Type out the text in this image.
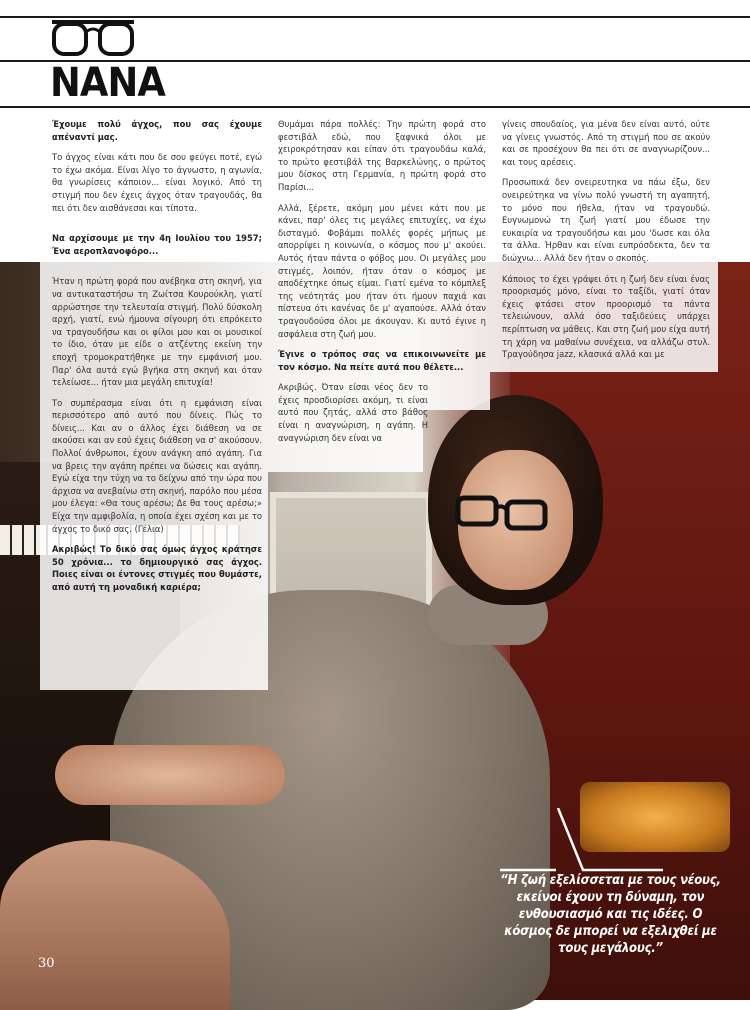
NANA

Έχουμε πολύ άγχος, που σας έχουμε απέναντί μας.

Το άγχος είναι κάτι που δε σου φεύγει ποτέ, εγώ το έχω ακόμα. Είναι λίγο το άγνωστο, η αγωνία, θα γνωρίσεις κάποιον... είναι λογικό. Από τη στιγμή που δεν έχεις άγχος όταν τραγουδάς, θα πει ότι δεν αισθάνεσαι και τίποτα.

Να αρχίσουμε με την 4η Ιουλίου του 1957; Ένα αεροπλανοφόρο...

Ήταν η πρώτη φορά που ανέβηκα στη σκηνή, για να αντικαταστήσω τη Ζωίτσα Κουρούκλη, γιατί αρρώστησε την τελευταία στιγμή. Πολύ δύσκολη αρχή, γιατί, ενώ ήμουνα σίγουρη ότι επρόκειτο να τραγουδήσω και οι φίλοι μου και οι μουσικοί το ίδιο, όταν με είδε ο ατζέντης εκείνη την εποχή τρομοκρατήθηκε με την εμφάνισή μου. Παρ' όλα αυτά εγώ βγήκα στη σκηνή και όταν τελείωσε... ήταν μια μεγάλη επιτυχία!

Το συμπέρασμα είναι ότι η εμφάνιση είναι περισσότερο από αυτό που δίνεις. Πώς το δίνεις... Και αν ο άλλος έχει διάθεση να σε ακούσει και αν εσύ έχεις διάθεση να σ' ακούσουν. Πολλοί άνθρωποι, έχουν ανάγκη από αγάπη. Για να βρεις την αγάπη πρέπει να δώσεις και αγάπη. Εγώ είχα την τύχη να το δείχνω από την ώρα που άρχισα να ανεβαίνω στη σκηνή, παρόλο που μέσα μου έλεγα: «Θα τους αρέσω; Δε θα τους αρέσω;» Είχα την αμφιβολία, η οποία έχει σχέση και με το άγχος το δικό σας. (Γέλια)

Ακριβώς! Το δικό σας όμως άγχος κράτησε 50 χρόνια... το δημιουργικό σας άγχος. Ποιες είναι οι έντονες στιγμές που θυμάστε, από αυτή τη μοναδική καριέρα;

Θυμάμαι πάρα πολλές: Την πρώτη φορά στο φεστιβάλ εδώ, που ξαφνικά όλοι με χειροκρότησαν και είπαν ότι τραγουδάω καλά, το πρώτο φεστιβάλ της Βαρκελώνης, ο πρώτος μου δίσκος στη Γερμανία, η πρώτη φορά στο Παρίσι...

Αλλά, ξέρετε, ακόμη μου μένει κάτι που με κάνει, παρ' όλες τις μεγάλες επιτυχίες, να έχω δισταγμό. Φοβάμαι πολλές φορές μήπως με απορρίψει η κοινωνία, ο κόσμος που μ' ακούει. Αυτός ήταν πάντα ο φόβος μου. Οι μεγάλες μου στιγμές, λοιπόν, ήταν όταν ο κόσμος με αποδέχτηκε όπως είμαι. Γιατί εμένα το κόμπλεξ της νεότητάς μου ήταν ότι ήμουν παχιά και πίστευα ότι κανένας δε μ' αγαπούσε. Αλλά όταν τραγουδούσα όλοι με άκουγαν. Κι αυτό έγινε η ασφάλεια στη ζωή μου.

Έγινε ο τρόπος σας να επικοινωνείτε με τον κόσμο. Να πείτε αυτά που θέλετε...

Ακριβώς. Όταν είσαι νέος δεν το έχεις προσδιορίσει ακόμη, τι είναι αυτό που ζητάς, αλλά στο βάθος είναι η αναγνώριση, η αγάπη. Η αναγνώριση δεν είναι να

γίνεις σπουδαίος, για μένα δεν είναι αυτό, ούτε να γίνεις γνωστός. Από τη στιγμή που σε ακούν και σε προσέχουν θα πει ότι σε αναγνωρίζουν... και τους αρέσεις.

Προσωπικά δεν ονειρευτηκα να πάω έξω, δεν ονειρεύτηκα να γίνω πολύ γνωστή τη αγαπητή, το μόνο που ήθελα, ήταν να τραγουδώ. Ευγνωμονώ τη ζωή γιατί μου έδωσε την ευκαιρία να τραγουδήσω και μου 'δωσε και όλα τα άλλα. Ήρθαν και είναι ευπρόσδεκτα, δεν τα διώχνω... Αλλά δεν ήταν ο σκοπός.

Κάποιος το έχει γράψει ότι η ζωή δεν είναι ένας προορισμός μόνο, είναι το ταξίδι, γιατί όταν έχεις φτάσει στον προορισμό τα πάντα τελειώνουν, αλλά όσο ταξιδεύεις υπάρχει περίπτωση να μάθεις. Και στη ζωή μου είχα αυτή τη χάρη να μαθαίνω συνέχεια, να αλλάζω στυλ. Τραγούδησα jazz, κλασικά αλλά και με

“Η ζωή εξελίσσεται με τους νέους, εκείνοι έχουν τη δύναμη, τον ενθουσιασμό και τις ιδέες. Ο κόσμος δε μπορεί να εξελιχθεί με τους μεγάλους.”
30
